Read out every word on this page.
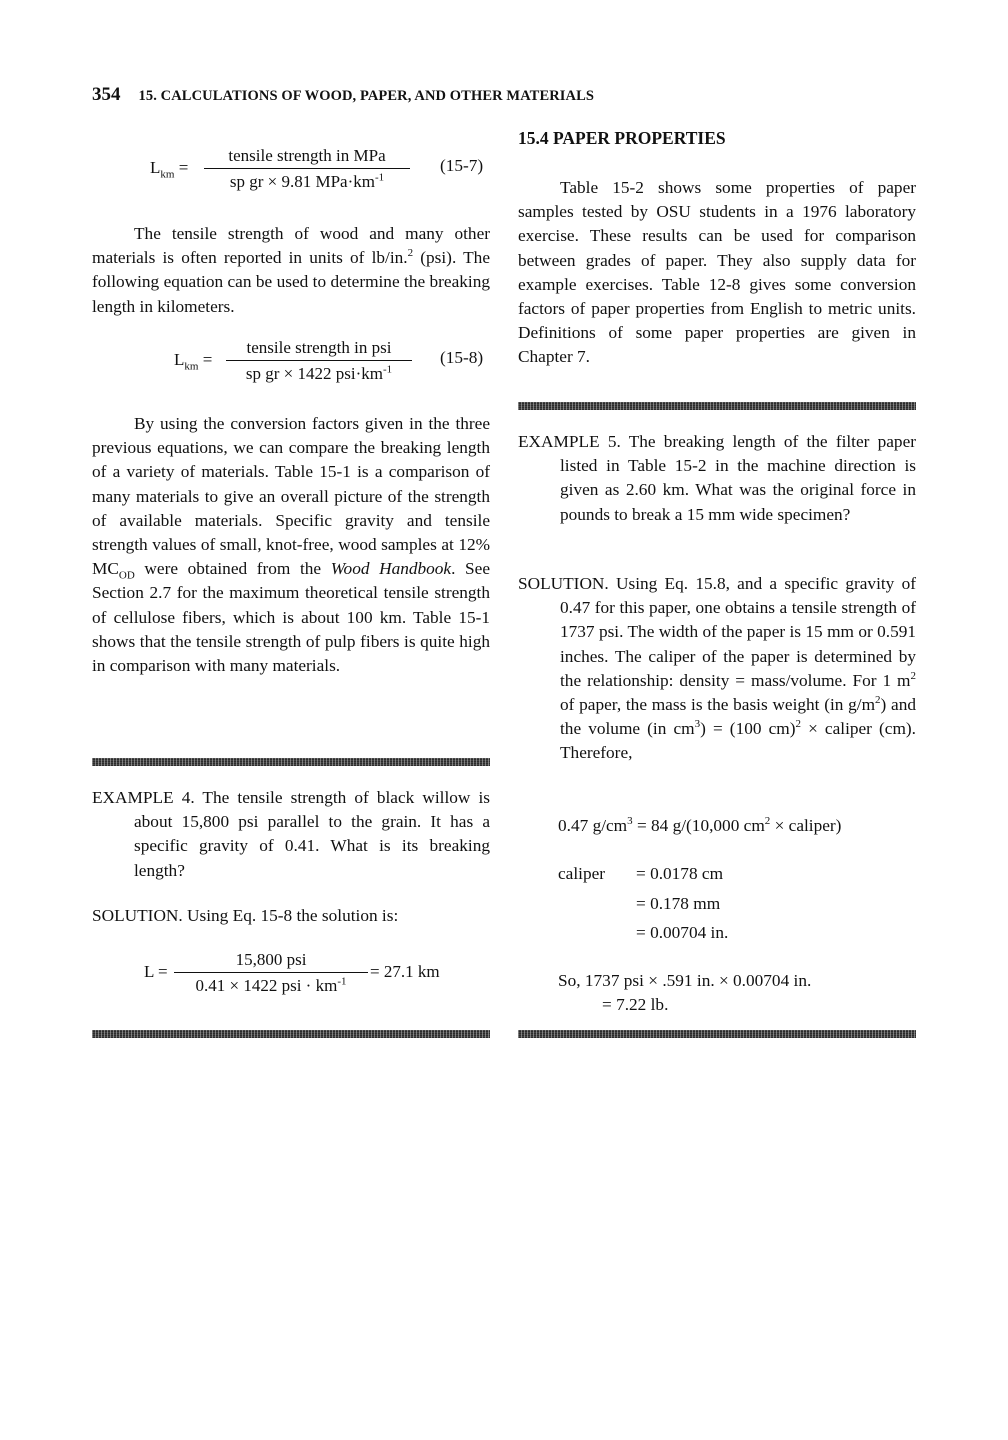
354 15. CALCULATIONS OF WOOD, PAPER, AND OTHER MATERIALS
$L_{km}$ =
tensile strength in MPa
sp gr × 9.81 $MPa\cdot km^{-1}$
(15-7)

The tensile strength of wood and many other materials is often reported in units of lb/in.$^2$ (psi). The following equation can be used to determine the breaking length in kilometers.

$L_{km}$ =
tensile strength in psi
sp gr × 1422 $psi\cdot km^{-1}$
(15-8)

By using the conversion factors given in the three previous equations, we can compare the breaking length of a variety of materials. Table 15-1 is a comparison of many materials to give an overall picture of the strength of available materials. Specific gravity and tensile strength values of small, knot-free, wood samples at 12% $MC_{OD}$ were obtained from the Wood Handbook. See Section 2.7 for the maximum theoretical tensile strength of cellulose fibers, which is about 100 km. Table 15-1 shows that the tensile strength of pulp fibers is quite high in comparison with many materials.

EXAMPLE 4. The tensile strength of black willow is about 15,800 psi parallel to the grain. It has a specific gravity of 0.41. What is its breaking length?

SOLUTION. Using Eq. 15-8 the solution is:

L =
15,800 psi
0.41 × 1422 psi · $km^{-1}$
= 27.1 km
15.4 PAPER PROPERTIES

Table 15-2 shows some properties of paper samples tested by OSU students in a 1976 laboratory exercise. These results can be used for comparison between grades of paper. They also supply data for example exercises. Table 12-8 gives some conversion factors of paper properties from English to metric units. Definitions of some paper properties are given in Chapter 7.

EXAMPLE 5. The breaking length of the filter paper listed in Table 15-2 in the machine direction is given as 2.60 km. What was the original force in pounds to break a 15 mm wide specimen?

SOLUTION. Using Eq. 15.8, and a specific gravity of 0.47 for this paper, one obtains a tensile strength of 1737 psi. The width of the paper is 15 mm or 0.591 inches. The caliper of the paper is determined by the relationship: density = mass/volume. For 1 $m^2$ of paper, the mass is the basis weight (in $g/m^2$) and the volume (in $cm^3) = (100$ cm)$^2$ × caliper (cm). Therefore,

0.47 $g/cm^3 = 84$ g/(10,000 $cm^2$ × caliper)
caliper = 0.0178 cm
= 0.178 mm
= 0.00704 in.
So, 1737 psi × .591 in. × 0.00704 in.
= 7.22 lb.
